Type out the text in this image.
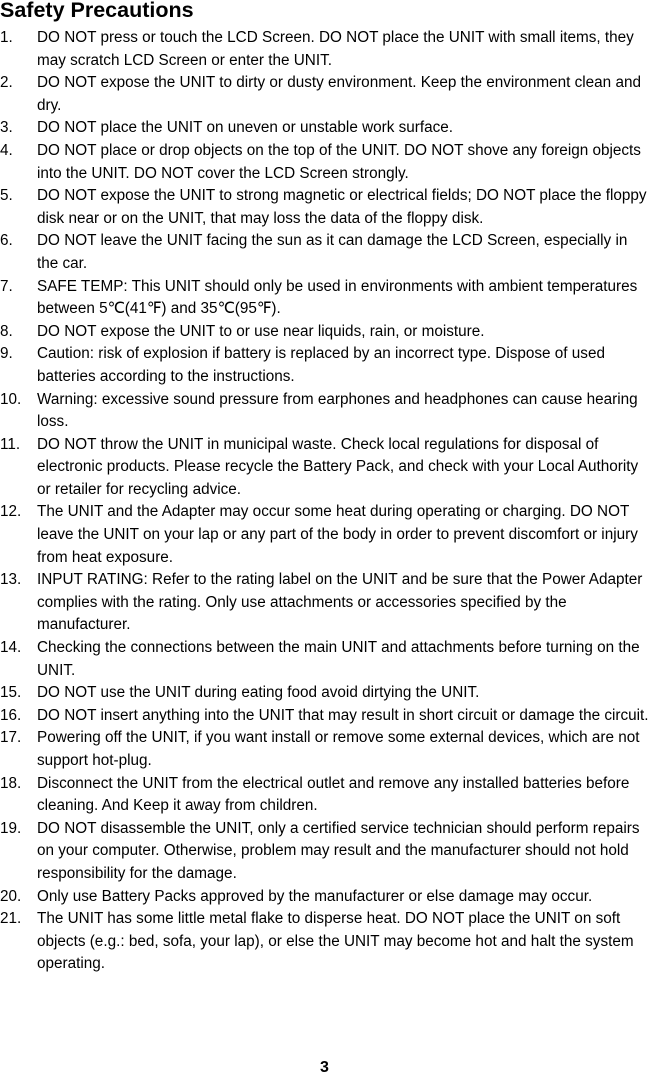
Safety Precautions
1.	DO NOT press or touch the LCD Screen. DO NOT place the UNIT with small items, they may scratch LCD Screen or enter the UNIT.
2.	DO NOT expose the UNIT to dirty or dusty environment. Keep the environment clean and dry.
3.	DO NOT place the UNIT on uneven or unstable work surface.
4.	DO NOT place or drop objects on the top of the UNIT. DO NOT shove any foreign objects into the UNIT. DO NOT cover the LCD Screen strongly.
5.	DO NOT expose the UNIT to strong magnetic or electrical fields; DO NOT place the floppy disk near or on the UNIT, that may loss the data of the floppy disk.
6.	DO NOT leave the UNIT facing the sun as it can damage the LCD Screen, especially in the car.
7.	SAFE TEMP: This UNIT should only be used in environments with ambient temperatures between 5℃(41℉) and 35℃(95℉).
8.	DO NOT expose the UNIT to or use near liquids, rain, or moisture.
9.	Caution: risk of explosion if battery is replaced by an incorrect type. Dispose of used batteries according to the instructions.
10.	Warning: excessive sound pressure from earphones and headphones can cause hearing loss.
11.	DO NOT throw the UNIT in municipal waste. Check local regulations for disposal of electronic products. Please recycle the Battery Pack, and check with your Local Authority or retailer for recycling advice.
12.	The UNIT and the Adapter may occur some heat during operating or charging. DO NOT leave the UNIT on your lap or any part of the body in order to prevent discomfort or injury from heat exposure.
13.	INPUT RATING: Refer to the rating label on the UNIT and be sure that the Power Adapter complies with the rating. Only use attachments or accessories specified by the manufacturer.
14.	Checking the connections between the main UNIT and attachments before turning on the UNIT.
15.	DO NOT use the UNIT during eating food avoid dirtying the UNIT.
16.	DO NOT insert anything into the UNIT that may result in short circuit or damage the circuit.
17.	Powering off the UNIT, if you want install or remove some external devices, which are not support hot-plug.
18.	Disconnect the UNIT from the electrical outlet and remove any installed batteries before cleaning. And Keep it away from children.
19.	DO NOT disassemble the UNIT, only a certified service technician should perform repairs on your computer. Otherwise, problem may result and the manufacturer should not hold responsibility for the damage.
20.	Only use Battery Packs approved by the manufacturer or else damage may occur.
21.	The UNIT has some little metal flake to disperse heat. DO NOT place the UNIT on soft objects (e.g.: bed, sofa, your lap), or else the UNIT may become hot and halt the system operating.
3
